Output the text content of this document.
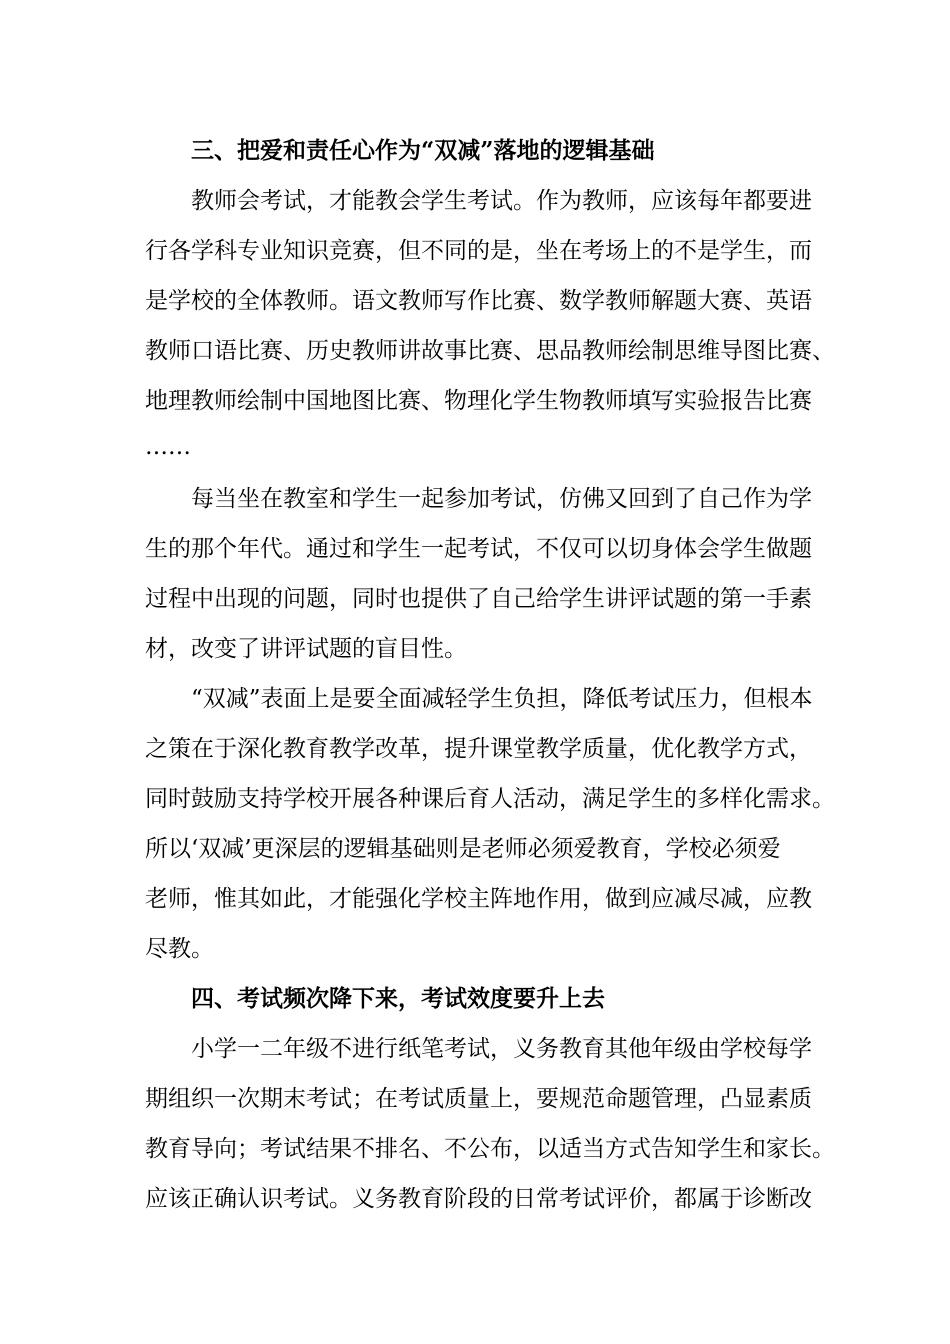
三、把爱和责任心作为“双减”落地的逻辑基础
教师会考试，才能教会学生考试。作为教师，应该每年都要进
行各学科专业知识竞赛，但不同的是，坐在考场上的不是学生，而
是学校的全体教师。语文教师写作比赛、数学教师解题大赛、英语
教师口语比赛、历史教师讲故事比赛、思品教师绘制思维导图比赛、
地理教师绘制中国地图比赛、物理化学生物教师填写实验报告比赛
……
每当坐在教室和学生一起参加考试，仿佛又回到了自己作为学
生的那个年代。通过和学生一起考试，不仅可以切身体会学生做题
过程中出现的问题，同时也提供了自己给学生讲评试题的第一手素
材，改变了讲评试题的盲目性。
“双减”表面上是要全面减轻学生负担，降低考试压力，但根本
之策在于深化教育教学改革，提升课堂教学质量，优化教学方式，
同时鼓励支持学校开展各种课后育人活动，满足学生的多样化需求。
所以‘双减’更深层的逻辑基础则是老师必须爱教育，学校必须爱
老师，惟其如此，才能强化学校主阵地作用，做到应减尽减，应教
尽教。
四、考试频次降下来，考试效度要升上去
小学一二年级不进行纸笔考试，义务教育其他年级由学校每学
期组织一次期末考试；在考试质量上，要规范命题管理，凸显素质
教育导向；考试结果不排名、不公布，以适当方式告知学生和家长。
应该正确认识考试。义务教育阶段的日常考试评价，都属于诊断改
